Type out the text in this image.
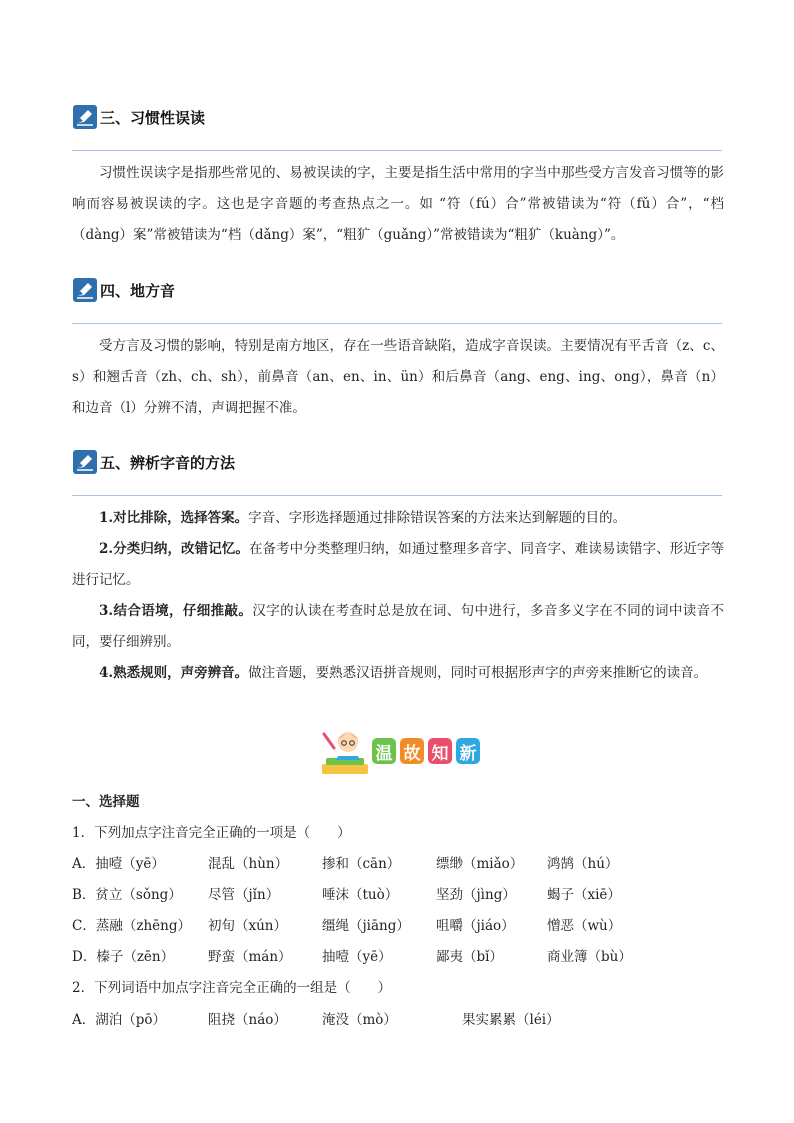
三、习惯性误读

习惯性误读字是指那些常见的、易被误读的字，主要是指生活中常用的字当中那些受方言发音习惯等的影响而容易被误读的字。这也是字音题的考查热点之一。如 “符（fú）合”常被错读为“符（fǔ）合”，“档（dàng）案”常被错读为“档（dǎng）案”，“粗犷（guǎng）”常被错读为“粗犷（kuàng）”。

四、地方音

受方言及习惯的影响，特别是南方地区，存在一些语音缺陷，造成字音误读。主要情况有平舌音（z、c、s）和翘舌音（zh、ch、sh），前鼻音（an、en、in、ün）和后鼻音（ang、eng、ing、ong），鼻音（n）和边音（l）分辨不清，声调把握不准。

五、辨析字音的方法

1.对比排除，选择答案。字音、字形选择题通过排除错误答案的方法来达到解题的目的。

2.分类归纳，改错记忆。在备考中分类整理归纳，如通过整理多音字、同音字、难读易读错字、形近字等进行记忆。

3.结合语境，仔细推敲。汉字的认读在考查时总是放在词、句中进行，多音多义字在不同的词中读音不同，要仔细辨别。

4.熟悉规则，声旁辨音。做注音题，要熟悉汉语拼音规则，同时可根据形声字的声旁来推断它的读音。

温 故 知 新
一、选择题
1．下列加点字注音完全正确的一项是（　　）
A．抽噎（yē）	混乱（hùn）	掺和（cān）	缥缈（miǎo） 鸿鹄（hú）
B．贫立（sǒng） 尽管（jǐn）	唾沫（tuò）	坚劲（jìng） 蝎子（xiē）
C．蒸融（zhēng） 初旬（xún）	缰绳（jiāng） 咀嚼（jiáo） 憎恶（wù）
D．榛子（zēn）	野蛮（mán） 抽噎（yē）	鄙夷（bǐ）	商业簿（bù）
2．下列词语中加点字注音完全正确的一组是（　　）
A．湖泊（pō）	阻挠（náo）	淹没（mò）	果实累累（léi）
